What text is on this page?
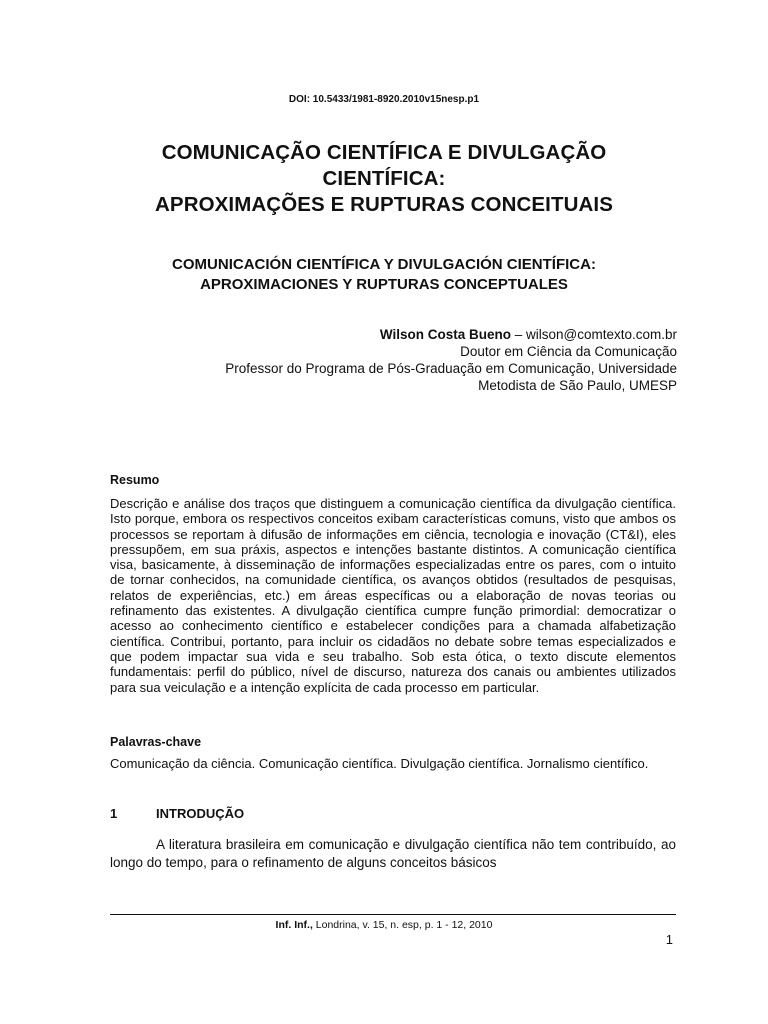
DOI: 10.5433/1981-8920.2010v15nesp.p1
COMUNICAÇÃO CIENTÍFICA E DIVULGAÇÃO
CIENTÍFICA:
APROXIMAÇÕES E RUPTURAS CONCEITUAIS
COMUNICACIÓN CIENTÍFICA Y DIVULGACIÓN CIENTÍFICA:
APROXIMACIONES Y RUPTURAS CONCEPTUALES
Wilson Costa Bueno – wilson@comtexto.com.br
Doutor em Ciência da Comunicação
Professor do Programa de Pós-Graduação em Comunicação, Universidade
Metodista de São Paulo, UMESP
Resumo
Descrição e análise dos traços que distinguem a comunicação científica da divulgação científica. Isto porque, embora os respectivos conceitos exibam características comuns, visto que ambos os processos se reportam à difusão de informações em ciência, tecnologia e inovação (CT&I), eles pressupõem, em sua práxis, aspectos e intenções bastante distintos. A comunicação científica visa, basicamente, à disseminação de informações especializadas entre os pares, com o intuito de tornar conhecidos, na comunidade científica, os avanços obtidos (resultados de pesquisas, relatos de experiências, etc.) em áreas específicas ou a elaboração de novas teorias ou refinamento das existentes. A divulgação científica cumpre função primordial: democratizar o acesso ao conhecimento científico e estabelecer condições para a chamada alfabetização científica. Contribui, portanto, para incluir os cidadãos no debate sobre temas especializados e que podem impactar sua vida e seu trabalho. Sob esta ótica, o texto discute elementos fundamentais: perfil do público, nível de discurso, natureza dos canais ou ambientes utilizados para sua veiculação e a intenção explícita de cada processo em particular.
Palavras-chave
Comunicação da ciência. Comunicação científica. Divulgação científica. Jornalismo científico.
1	INTRODUÇÃO
A literatura brasileira em comunicação e divulgação científica não tem contribuído, ao longo do tempo, para o refinamento de alguns conceitos básicos
Inf. Inf., Londrina, v. 15, n. esp, p. 1 - 12, 2010
1
